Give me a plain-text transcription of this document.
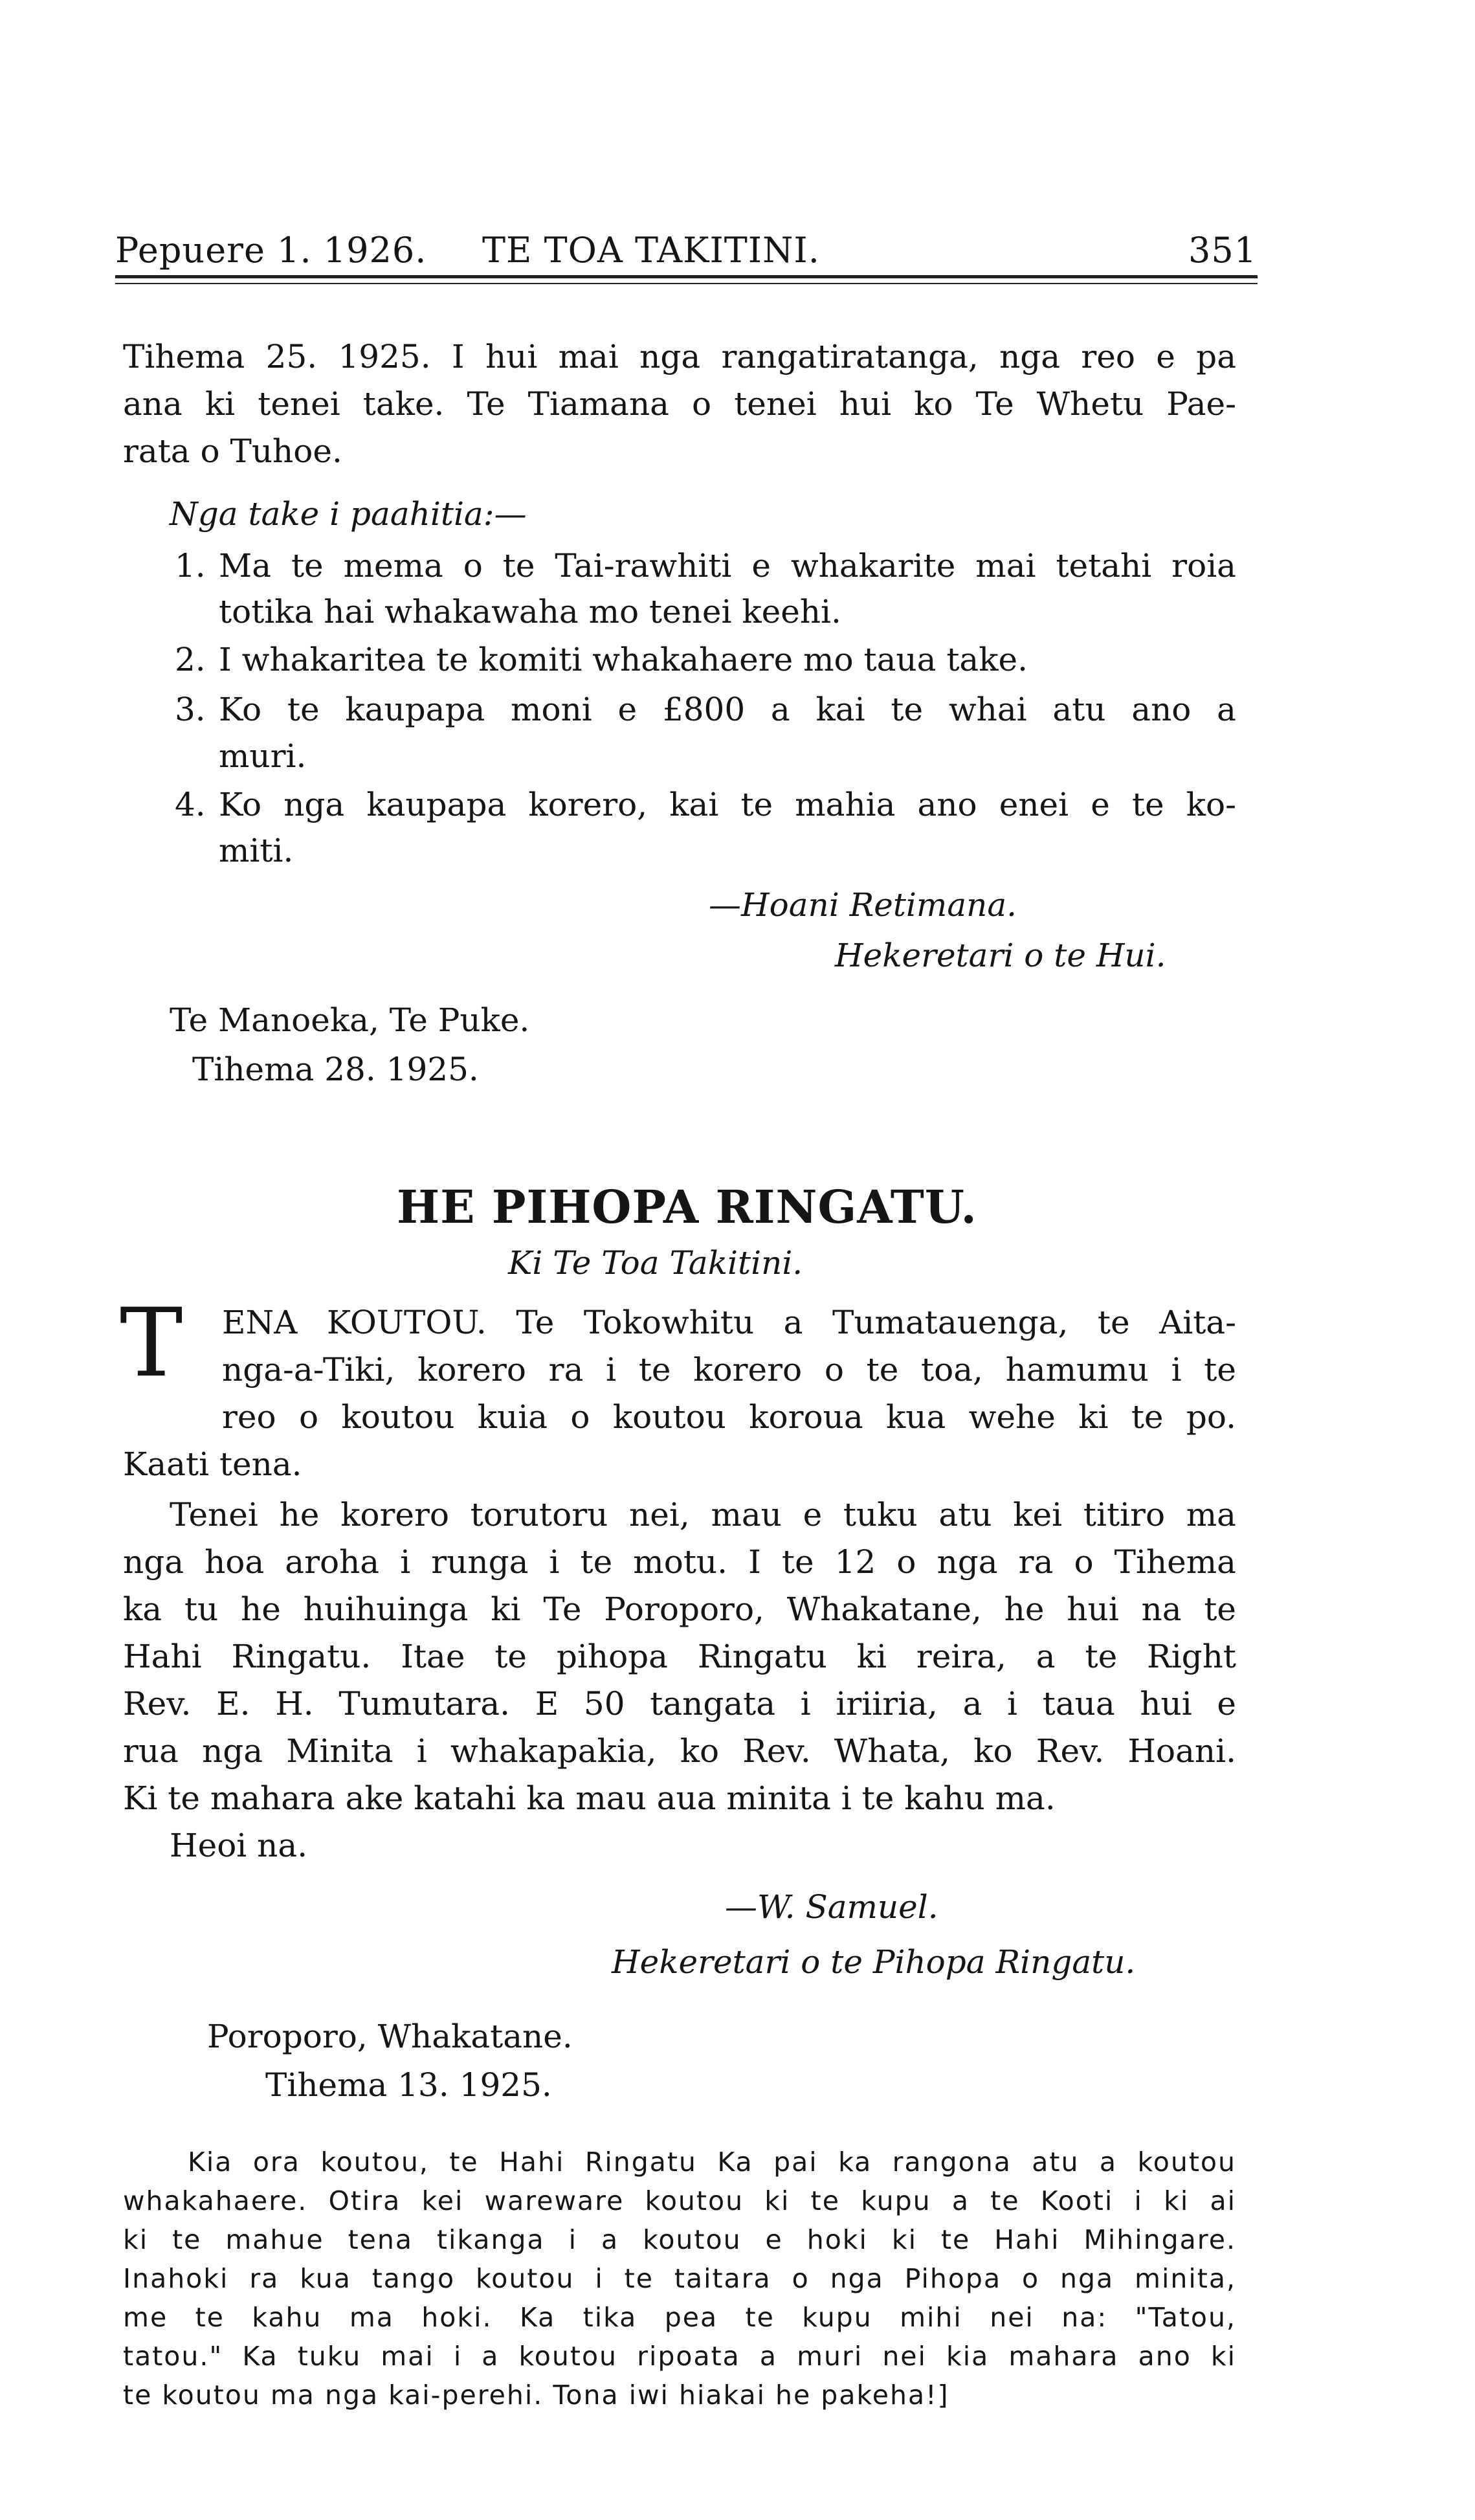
Pepuere 1. 1926. TE TOA TAKITINI.	351
Tihema 25. 1925. I hui mai nga rangatiratanga, nga reo e pa
ana ki tenei take. Te Tiamana o tenei hui ko Te Whetu Pae-
rata o Tuhoe.
Nga take i paahitia:—
1. Ma te mema o te Tai-rawhiti e whakarite mai tetahi roia
totika hai whakawaha mo tenei keehi.
2. I whakaritea te komiti whakahaere mo taua take.
3. Ko te kaupapa moni e £800 a kai te whai atu ano a
muri.
4. Ko nga kaupapa korero, kai te mahia ano enei e te ko-
miti.
—Hoani Retimana.
Hekeretari o te Hui.
Te Manoeka, Te Puke.
Tihema 28. 1925.
HE PIHOPA RINGATU.
Ki Te Toa Takitini.
T ENA KOUTOU. Te Tokowhitu a Tumatauenga, te Aita-
nga-a-Tiki, korero ra i te korero o te toa, hamumu i te
reo o koutou kuia o koutou koroua kua wehe ki te po.
Kaati tena.
Tenei he korero torutoru nei, mau e tuku atu kei titiro ma
nga hoa aroha i runga i te motu. I te 12 o nga ra o Tihema
ka tu he huihuinga ki Te Poroporo, Whakatane, he hui na te
Hahi Ringatu. Itae te pihopa Ringatu ki reira, a te Right
Rev. E. H. Tumutara. E 50 tangata i iriiria, a i taua hui e
rua nga Minita i whakapakia, ko Rev. Whata, ko Rev. Hoani.
Ki te mahara ake katahi ka mau aua minita i te kahu ma.
Heoi na.
—W. Samuel.
Hekeretari o te Pihopa Ringatu.
Poroporo, Whakatane.
Tihema 13. 1925.
Kia ora koutou, te Hahi Ringatu Ka pai ka rangona atu a koutou
whakahaere. Otira kei wareware koutou ki te kupu a te Kooti i ki ai
ki te mahue tena tikanga i a koutou e hoki ki te Hahi Mihingare.
Inahoki ra kua tango koutou i te taitara o nga Pihopa o nga minita,
me te kahu ma hoki. Ka tika pea te kupu mihi nei na: "Tatou,
tatou." Ka tuku mai i a koutou ripoata a muri nei kia mahara ano ki
te koutou ma nga kai-perehi. Tona iwi hiakai he pakeha!]
